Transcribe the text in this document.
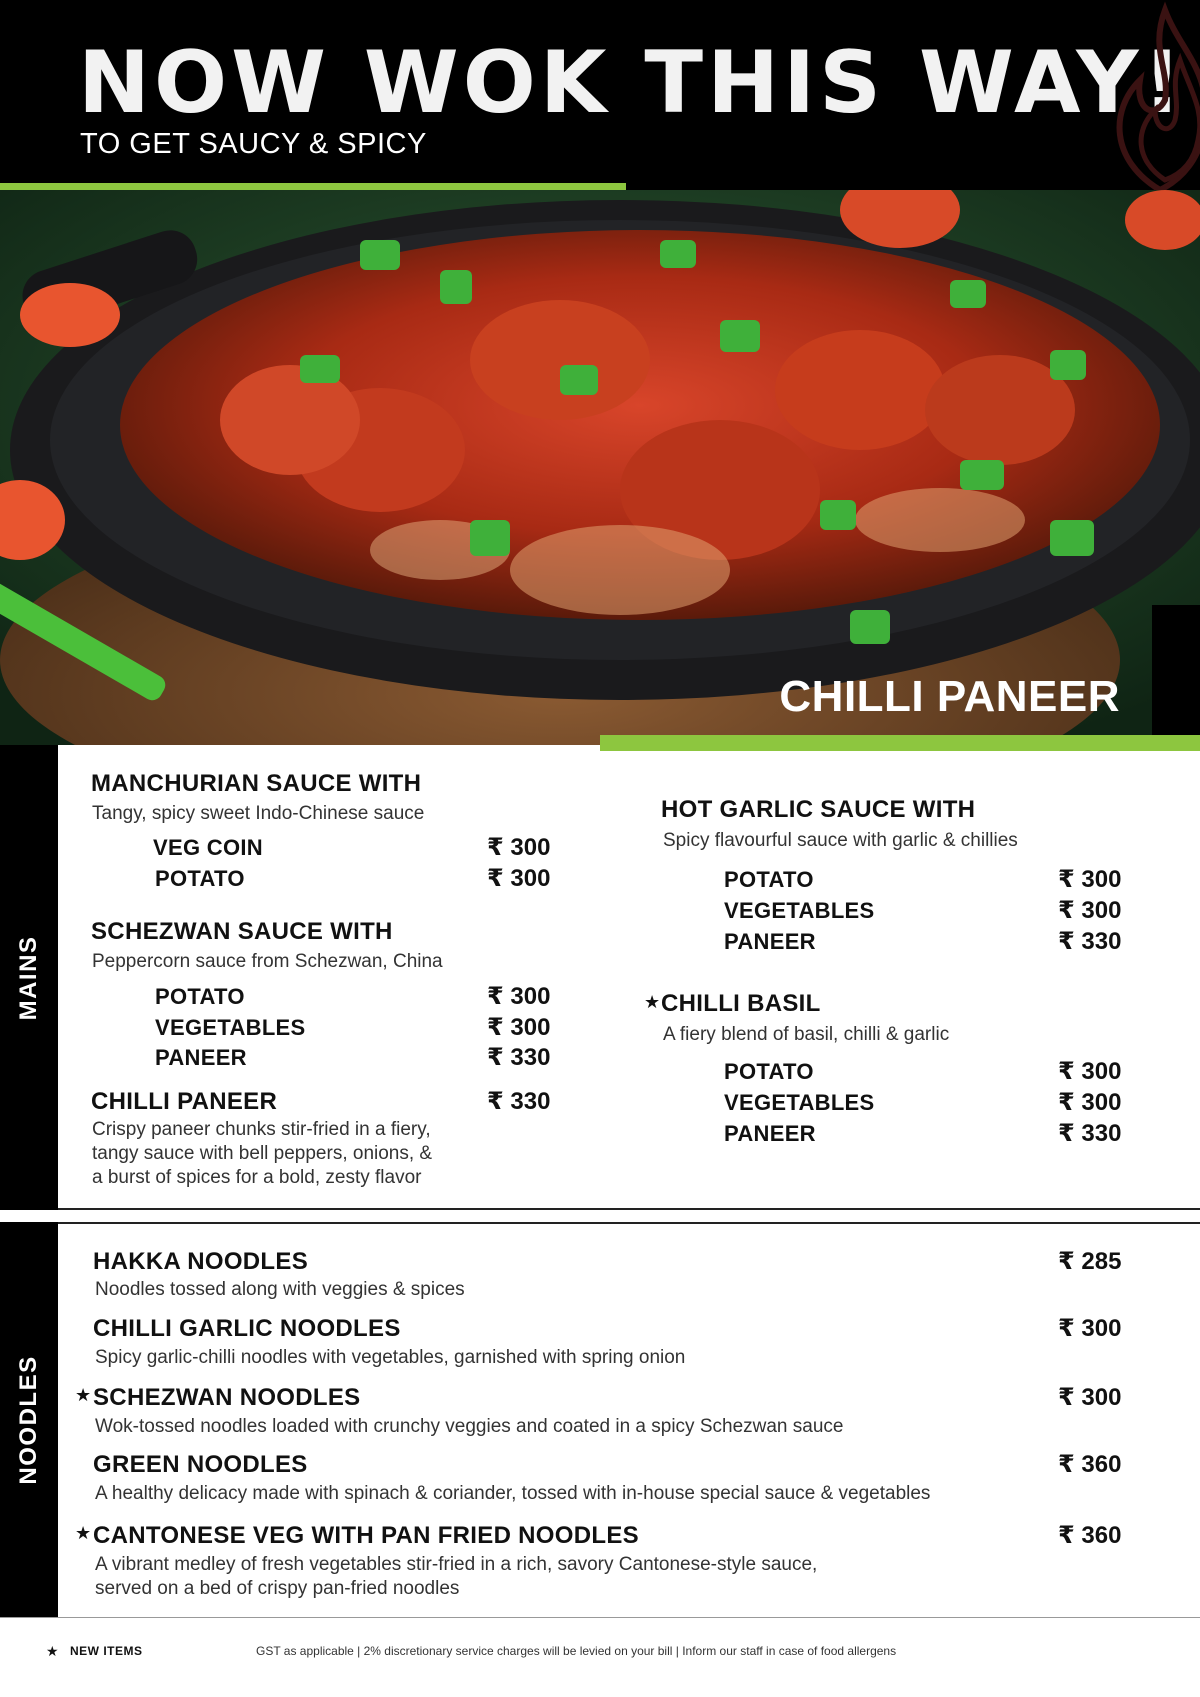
NOW WOK THIS WAY!
TO GET SAUCY & SPICY
CHILLI PANEER
MAINS
NOODLES
MANCHURIAN SAUCE WITH
Tangy, spicy sweet Indo-Chinese sauce
VEG COIN	₹ 300
POTATO	₹ 300
SCHEZWAN SAUCE WITH
Peppercorn sauce from Schezwan, China
POTATO	₹ 300
VEGETABLES	₹ 300
PANEER	₹ 330
CHILLI PANEER	₹ 330
Crispy paneer chunks stir-fried in a fiery,
tangy sauce with bell peppers, onions, &
a burst of spices for a bold, zesty flavor
HOT GARLIC SAUCE WITH
Spicy flavourful sauce with garlic & chillies
POTATO	₹ 300
VEGETABLES	₹ 300
PANEER	₹ 330
★ CHILLI BASIL
A fiery blend of basil, chilli & garlic
POTATO	₹ 300
VEGETABLES	₹ 300
PANEER	₹ 330
HAKKA NOODLES	₹ 285
Noodles tossed along with veggies & spices
CHILLI GARLIC NOODLES	₹ 300
Spicy garlic-chilli noodles with vegetables, garnished with spring onion
★ SCHEZWAN NOODLES	₹ 300
Wok-tossed noodles loaded with crunchy veggies and coated in a spicy Schezwan sauce
GREEN NOODLES	₹ 360
A healthy delicacy made with spinach & coriander, tossed with in-house special sauce & vegetables
★ CANTONESE VEG WITH PAN FRIED NOODLES	₹ 360
A vibrant medley of fresh vegetables stir-fried in a rich, savory Cantonese-style sauce,
served on a bed of crispy pan-fried noodles
★ NEW ITEMS	GST as applicable | 2% discretionary service charges will be levied on your bill | Inform our staff in case of food allergens
